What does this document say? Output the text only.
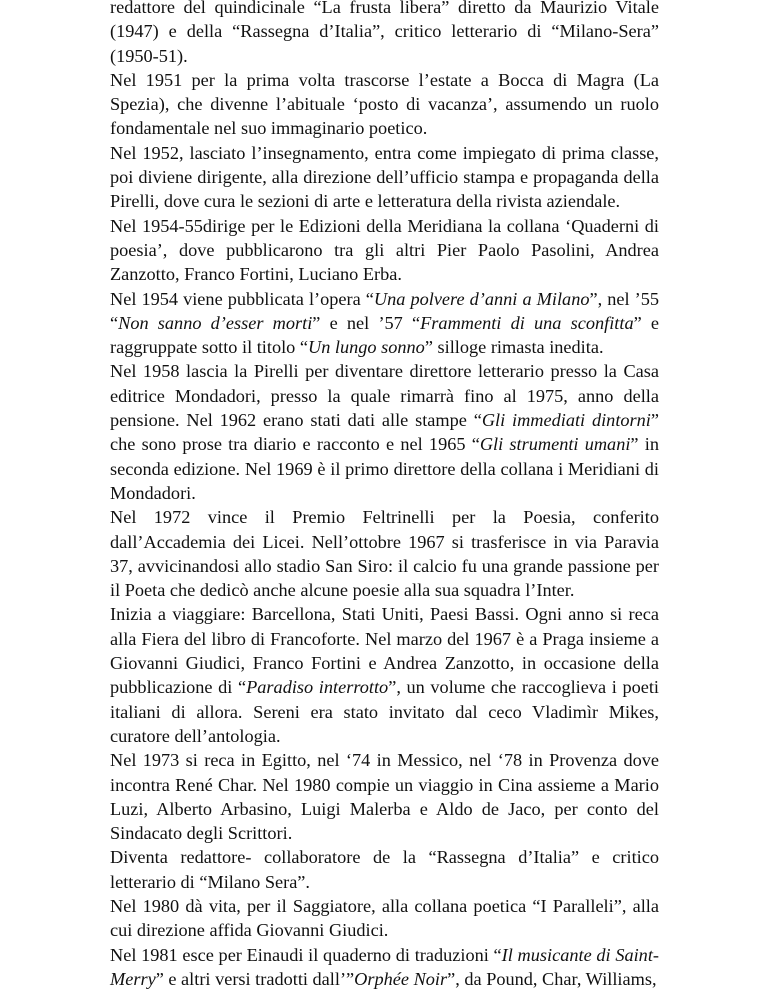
redattore del quindicinale “La frusta libera” diretto da Maurizio Vitale (1947) e della “Rassegna d’Italia”, critico letterario di “Milano-Sera” (1950-51).

Nel 1951 per la prima volta trascorse l’estate a Bocca di Magra (La Spezia), che divenne l’abituale ‘posto di vacanza’, assumendo un ruolo fondamentale nel suo immaginario poetico.

Nel 1952, lasciato l’insegnamento, entra come impiegato di prima classe, poi diviene dirigente, alla direzione dell’ufficio stampa e propaganda della Pirelli, dove cura le sezioni di arte e letteratura della rivista aziendale.

Nel 1954-55dirige per le Edizioni della Meridiana la collana ‘Quaderni di poesia’, dove pubblicarono tra gli altri Pier Paolo Pasolini, Andrea Zanzotto, Franco Fortini, Luciano Erba.

Nel 1954 viene pubblicata l’opera “Una polvere d’anni a Milano”, nel ’55 “Non sanno d’esser morti” e nel ’57 “Frammenti di una sconfitta” e raggruppate sotto il titolo “Un lungo sonno” silloge rimasta inedita.

Nel 1958 lascia la Pirelli per diventare direttore letterario presso la Casa editrice Mondadori, presso la quale rimarrà fino al 1975, anno della pensione. Nel 1962 erano stati dati alle stampe “Gli immediati dintorni” che sono prose tra diario e racconto e nel 1965 “Gli strumenti umani” in seconda edizione. Nel 1969 è il primo direttore della collana i Meridiani di Mondadori.

Nel 1972 vince il Premio Feltrinelli per la Poesia, conferito dall’Accademia dei Licei. Nell’ottobre 1967 si trasferisce in via Paravia 37, avvicinandosi allo stadio San Siro: il calcio fu una grande passione per il Poeta che dedicò anche alcune poesie alla sua squadra l’Inter.

Inizia a viaggiare: Barcellona, Stati Uniti, Paesi Bassi. Ogni anno si reca alla Fiera del libro di Francoforte. Nel marzo del 1967 è a Praga insieme a Giovanni Giudici, Franco Fortini e Andrea Zanzotto, in occasione della pubblicazione di “Paradiso interrotto”, un volume che raccoglieva i poeti italiani di allora. Sereni era stato invitato dal ceco Vladimìr Mikes, curatore dell’antologia.

Nel 1973 si reca in Egitto, nel ‘74 in Messico, nel ‘78 in Provenza dove incontra René Char. Nel 1980 compie un viaggio in Cina assieme a Mario Luzi, Alberto Arbasino, Luigi Malerba e Aldo de Jaco, per conto del Sindacato degli Scrittori.

Diventa redattore- collaboratore de la “Rassegna d’Italia” e critico letterario di “Milano Sera”.

Nel 1980 dà vita, per il Saggiatore, alla collana poetica “I Paralleli”, alla cui direzione affida Giovanni Giudici.

Nel 1981 esce per Einaudi il quaderno di traduzioni “Il musicante di Saint-Merry” e altri versi tradotti dall’”Orphée Noir”, da Pound, Char, Williams,
